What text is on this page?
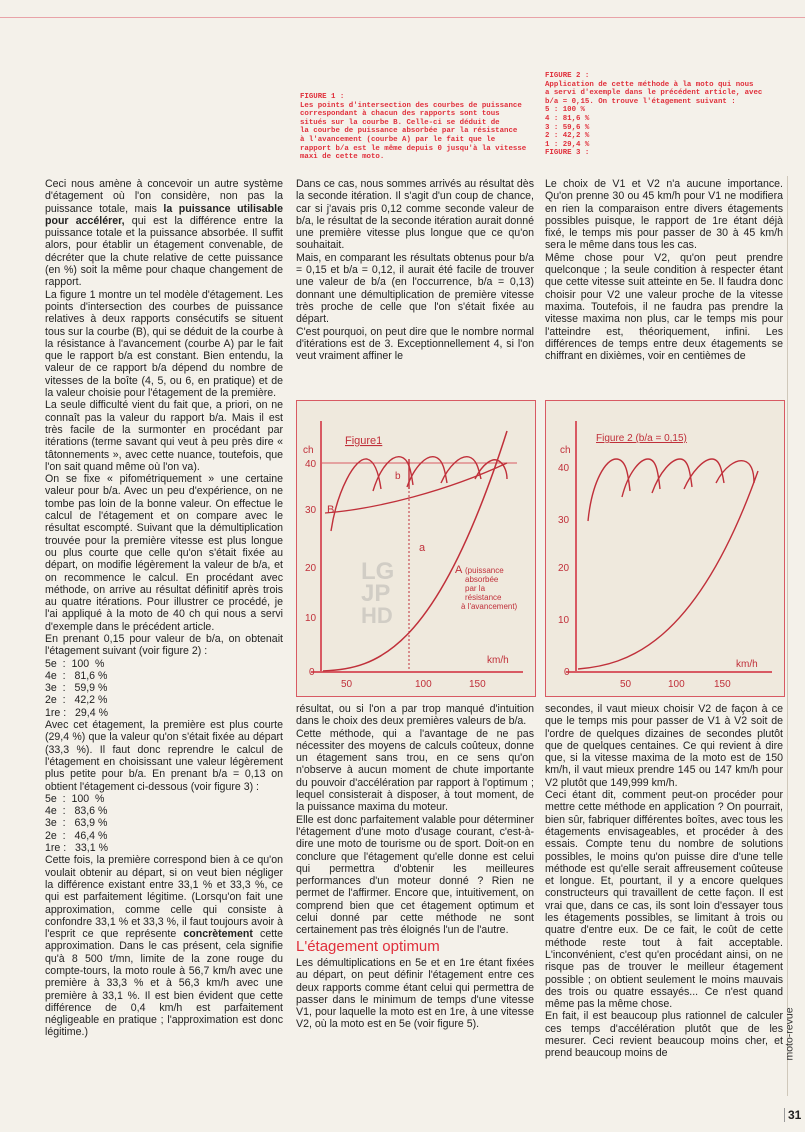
FIGURE 1 :
Les points d'intersection des courbes de puissance
correspondant à chacun des rapports sont tous
situés sur la courbe B. Celle-ci se déduit de
la courbe de puissance absorbée par la résistance
à l'avancement (courbe A) par le fait que le
rapport b/a est le même depuis 0 jusqu'à la vitesse
maxi de cette moto.
FIGURE 2 :
Application de cette méthode à la moto qui nous
a servi d'exemple dans le précédent article, avec
b/a = 0,15. On trouve l'étagement suivant :
5 : 100 %
4 : 81,6 %
3 : 59,6 %
2 : 42,2 %
1 : 29,4 %
FIGURE 3 :

Ceci nous amène à concevoir un autre système d'étagement où l'on considère, non pas la puissance totale, mais la puissance utilisable pour accélérer, qui est la différence entre la puissance totale et la puissance absorbée. Il suffit alors, pour établir un étagement convenable, de décréter que la chute relative de cette puissance (en %) soit la même pour chaque changement de rapport.

La figure 1 montre un tel modèle d'étagement. Les points d'intersection des courbes de puissance relatives à deux rapports consécutifs se situent tous sur la courbe (B), qui se déduit de la courbe à la résistance à l'avancement (courbe A) par le fait que le rapport b/a est constant. Bien entendu, la valeur de ce rapport b/a dépend du nombre de vitesses de la boîte (4, 5, ou 6, en pratique) et de la valeur choisie pour l'étagement de la première.

La seule difficulté vient du fait que, a priori, on ne connaît pas la valeur du rapport b/a. Mais il est très facile de la surmonter en procédant par itérations (terme savant qui veut à peu près dire « tâtonnements », avec cette nuance, toutefois, que l'on sait quand même où l'on va).

On se fixe « pifométriquement » une certaine valeur pour b/a. Avec un peu d'expérience, on ne tombe pas loin de la bonne valeur. On effectue le calcul de l'étagement et on compare avec le résultat escompté. Suivant que la démultiplication trouvée pour la première vitesse est plus longue ou plus courte que celle qu'on s'était fixée au départ, on modifie légèrement la valeur de b/a, et on recommence le calcul. En procédant avec méthode, on arrive au résultat définitif après trois au quatre itérations. Pour illustrer ce procédé, je l'ai appliqué à la moto de 40 ch qui nous a servi d'exemple dans le précédent article.

En prenant 0,15 pour valeur de b/a, on obtenait l'étagement suivant (voir figure 2) :

5e  :  100  %
4e  :   81,6 %
3e  :   59,9 %
2e  :   42,2 %
1re :   29,4 %

Avec cet étagement, la première est plus courte (29,4 %) que la valeur qu'on s'était fixée au départ (33,3 %). Il faut donc reprendre le calcul de l'étagement en choisissant une valeur légèrement plus petite pour b/a. En prenant b/a = 0,13 on obtient l'étagement ci-dessous (voir figure 3) :

5e  :  100  %
4e  :   83,6 %
3e  :   63,9 %
2e  :   46,4 %
1re :   33,1 %

Cette fois, la première correspond bien à ce qu'on voulait obtenir au départ, si on veut bien négliger la différence existant entre 33,1 % et 33,3 %, ce qui est parfaitement légitime. (Lorsqu'on fait une approximation, comme celle qui consiste à confondre 33,1 % et 33,3 %, il faut toujours avoir à l'esprit ce que représente concrètement cette approximation. Dans le cas présent, cela signifie qu'à 8 500 t/mn, limite de la zone rouge du compte-tours, la moto roule à 56,7 km/h avec une première à 33,3 % et à 56,3 km/h avec une première à 33,1 %. Il est bien évident que cette différence de 0,4 km/h est parfaitement négligeable en pratique ; l'approximation est donc légitime.)

Dans ce cas, nous sommes arrivés au résultat dès la seconde itération. Il s'agit d'un coup de chance, car si j'avais pris 0,12 comme seconde valeur de b/a, le résultat de la seconde itération aurait donné une première vitesse plus longue que ce qu'on souhaitait.

Mais, en comparant les résultats obtenus pour b/a = 0,15 et b/a = 0,12, il aurait été facile de trouver une valeur de b/a (en l'occurrence, b/a = 0,13) donnant une démultiplication de première vitesse très proche de celle que l'on s'était fixée au départ.

C'est pourquoi, on peut dire que le nombre normal d'itérations est de 3. Exceptionnellement 4, si l'on veut vraiment affiner le

ch
40
30
20
10
0
50	100	150
km/h
Figure1
a
b
B
A (puissance
absorbée
par la
résistance
à l'avancement)
LG
JP
HD

résultat, ou si l'on a par trop manqué d'intuition dans le choix des deux premières valeurs de b/a.

Cette méthode, qui a l'avantage de ne pas nécessiter des moyens de calculs coûteux, donne un étagement sans trou, en ce sens qu'on n'observe à aucun moment de chute importante du pouvoir d'accélération par rapport à l'optimum ; lequel consisterait à disposer, à tout moment, de la puissance maxima du moteur.

Elle est donc parfaitement valable pour déterminer l'étagement d'une moto d'usage courant, c'est-à-dire une moto de tourisme ou de sport. Doit-on en conclure que l'étagement qu'elle donne est celui qui permettra d'obtenir les meilleures performances d'un moteur donné ? Rien ne permet de l'affirmer. Encore que, intuitivement, on comprend bien que cet étagement optimum et celui donné par cette méthode ne sont certainement pas très éloignés l'un de l'autre.

L'étagement optimum

Les démultiplications en 5e et en 1re étant fixées au départ, on peut définir l'étagement entre ces deux rapports comme étant celui qui permettra de passer dans le minimum de temps d'une vitesse V1, pour laquelle la moto est en 1re, à une vitesse V2, où la moto est en 5e (voir figure 5).

Le choix de V1 et V2 n'a aucune importance. Qu'on prenne 30 ou 45 km/h pour V1 ne modifiera en rien la comparaison entre divers étagements possibles puisque, le rapport de 1re étant déjà fixé, le temps mis pour passer de 30 à 45 km/h sera le même dans tous les cas.

Même chose pour V2, qu'on peut prendre quelconque ; la seule condition à respecter étant que cette vitesse suit atteinte en 5e. Il faudra donc choisir pour V2 une valeur proche de la vitesse maxima. Toutefois, il ne faudra pas prendre la vitesse maxima non plus, car le temps mis pour l'atteindre est, théoriquement, infini. Les différences de temps entre deux étagements se chiffrant en dixièmes, voir en centièmes de

ch
40
30
20
10
0
50	100	150
km/h
Figure 2 (b/a = 0,15)

secondes, il vaut mieux choisir V2 de façon à ce que le temps mis pour passer de V1 à V2 soit de l'ordre de quelques dizaines de secondes plutôt que de quelques centaines. Ce qui revient à dire que, si la vitesse maxima de la moto est de 150 km/h, il vaut mieux prendre 145 ou 147 km/h pour V2 plutôt que 149,999 km/h.

Ceci étant dit, comment peut-on procéder pour mettre cette méthode en application ? On pourrait, bien sûr, fabriquer différentes boîtes, avec tous les étagements envisageables, et procéder à des essais. Compte tenu du nombre de solutions possibles, le moins qu'on puisse dire d'une telle méthode est qu'elle serait affreusement coûteuse et longue. Et, pourtant, il y a encore quelques constructeurs qui travaillent de cette façon. Il est vrai que, dans ce cas, ils sont loin d'essayer tous les étagements possibles, se limitant à trois ou quatre d'entre eux. De ce fait, le coût de cette méthode reste tout à fait acceptable. L'inconvénient, c'est qu'en procédant ainsi, on ne risque pas de trouver le meilleur étagement possible ; on obtient seulement le moins mauvais des trois ou quatre essayés... Ce n'est quand même pas la même chose.

En fait, il est beaucoup plus rationnel de calculer ces temps d'accélération plutôt que de les mesurer. Ceci revient beaucoup moins cher, et prend beaucoup moins de	moto-revue
31
